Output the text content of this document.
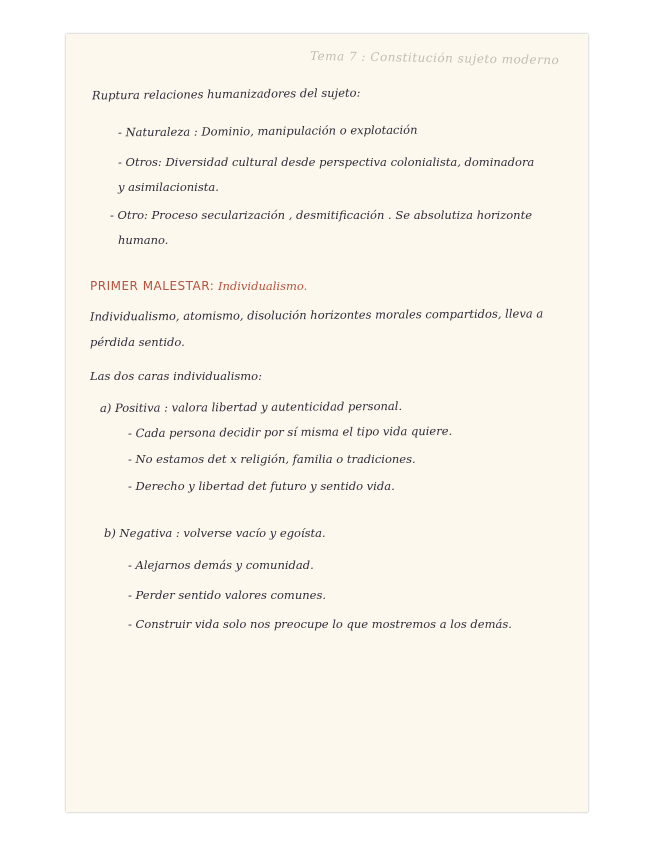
Tema 7 : Constitución sujeto moderno
Ruptura relaciones humanizadores del sujeto:
- Naturaleza : Dominio, manipulación o explotación
- Otros: Diversidad cultural desde perspectiva colonialista, dominadora
y asimilacionista.
- Otro: Proceso secularización , desmitificación . Se absolutiza horizonte
humano.
PRIMER MALESTAR: Individualismo.
Individualismo, atomismo, disolución horizontes morales compartidos, lleva a
pérdida sentido.
Las dos caras individualismo:
a) Positiva : valora libertad y autenticidad personal.
- Cada persona decidir por sí misma el tipo vida quiere.
- No estamos det x religión, familia o tradiciones.
- Derecho y libertad det futuro y sentido vida.
b) Negativa : volverse vacío y egoísta.
- Alejarnos demás y comunidad.
- Perder sentido valores comunes.
- Construir vida solo nos preocupe lo que mostremos a los demás.
